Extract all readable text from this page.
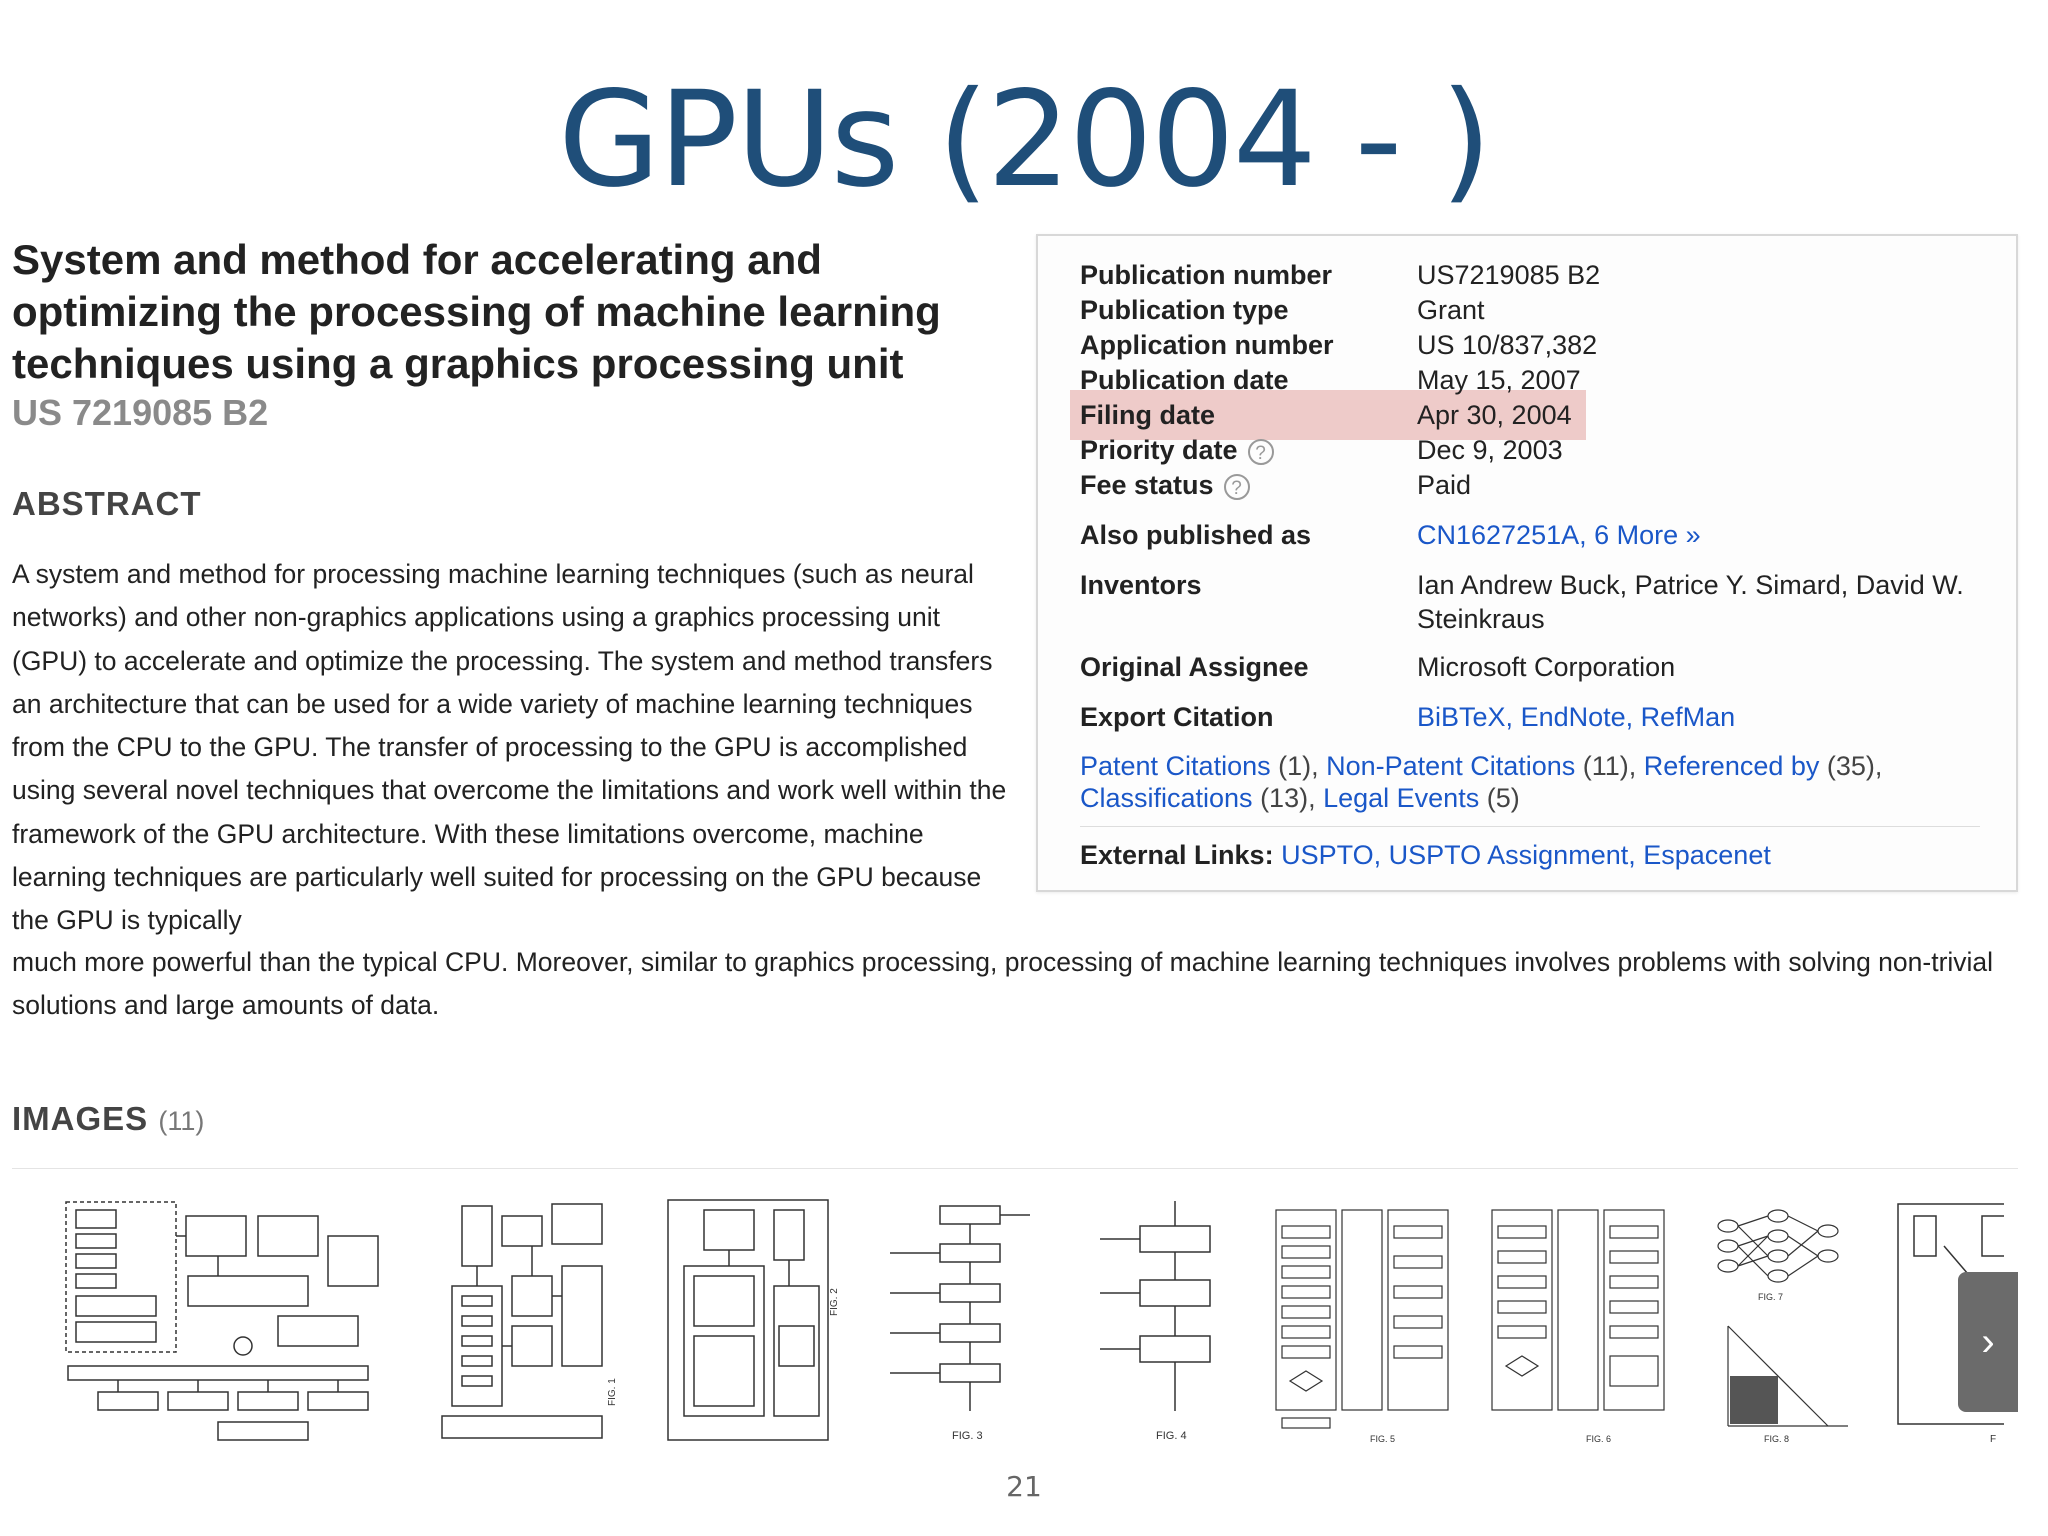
GPUs (2004 - )
System and method for accelerating and optimizing the processing of machine learning techniques using a graphics processing unit
US 7219085 B2
ABSTRACT
A system and method for processing machine learning techniques (such as neural networks) and other non-graphics applications using a graphics processing unit (GPU) to accelerate and optimize the processing. The system and method transfers an architecture that can be used for a wide variety of machine learning techniques from the CPU to the GPU. The transfer of processing to the GPU is accomplished using several novel techniques that overcome the limitations and work well within the framework of the GPU architecture. With these limitations overcome, machine learning techniques are particularly well suited for processing on the GPU because the GPU is typically
much more powerful than the typical CPU. Moreover, similar to graphics processing, processing of machine learning techniques involves problems with solving non-trivial solutions and large amounts of data.
Publication number	US7219085 B2
Publication type	Grant
Application number	US 10/837,382
Publication date	May 15, 2007
Filing date	Apr 30, 2004
Priority date ?	Dec 9, 2003
Fee status ?	Paid
Also published as	CN1627251A, 6 More »
Inventors	Ian Andrew Buck, Patrice Y. Simard, David W. Steinkraus
Original Assignee	Microsoft Corporation
Export Citation	BiBTeX, EndNote, RefMan
Patent Citations (1), Non-Patent Citations (11), Referenced by (35),
Classifications (13), Legal Events (5)
External Links: USPTO, USPTO Assignment, Espacenet
IMAGES (11)
FIG. 1
FIG. 2
FIG. 3	FIG. 4	FIG. 5	FIG. 6
FIG. 7
FIG. 8	F
›
21
